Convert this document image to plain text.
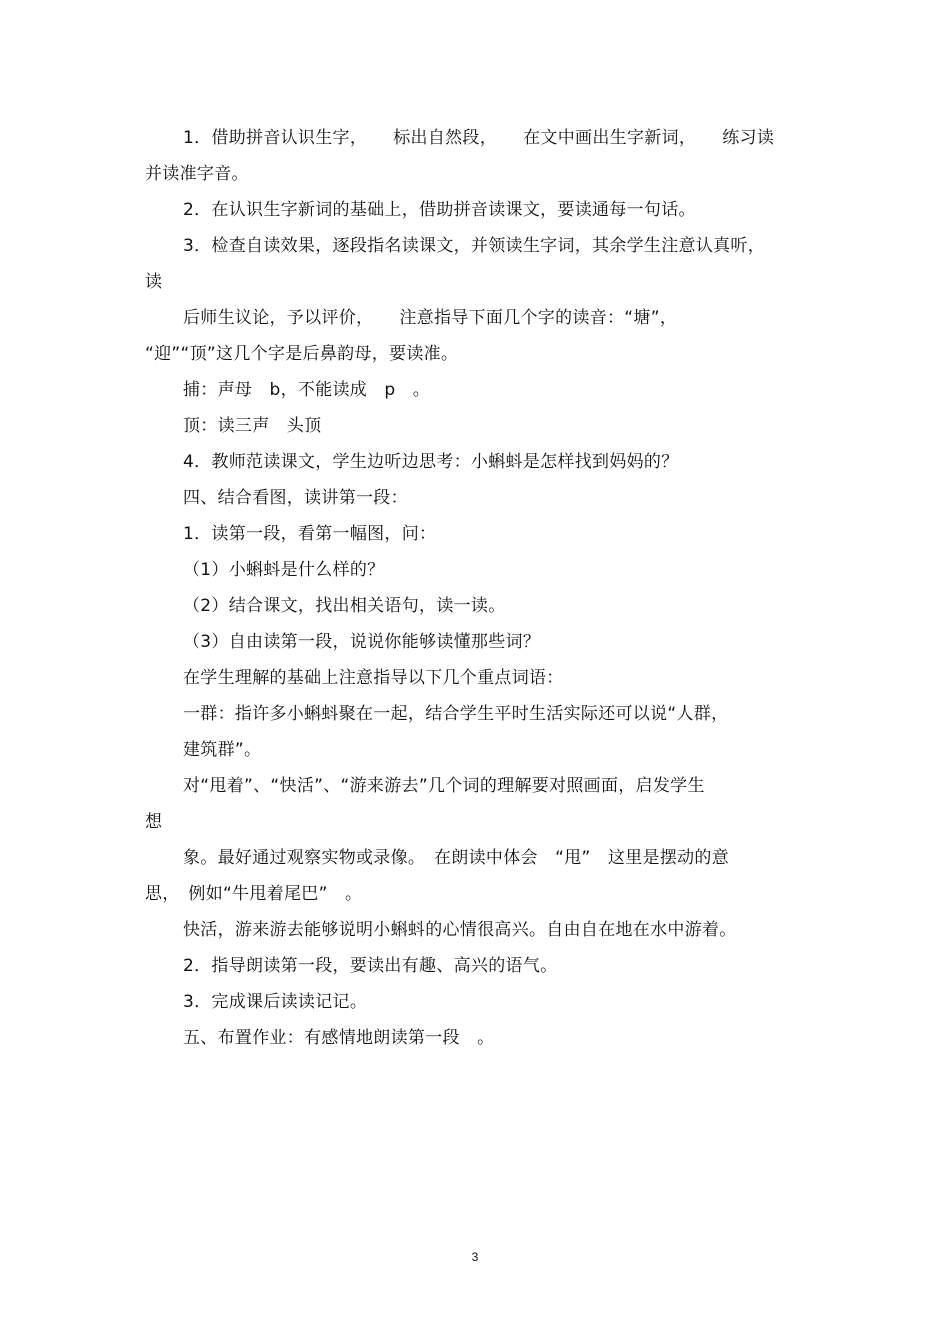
1．借助拼音认识生字，　　标出自然段，　　在文中画出生字新词，　　练习读
并读准字音。
2．在认识生字新词的基础上，借助拼音读课文，要读通每一句话。
3．检查自读效果，逐段指名读课文，并领读生字词，其余学生注意认真听，
读
后师生议论，予以评价，　　注意指导下面几个字的读音：“塘”，
“迎”“顶”这几个字是后鼻韵母，要读准。
捕：声母　b，不能读成　p　。
顶：读三声　头顶
4．教师范读课文，学生边听边思考：小蝌蚪是怎样找到妈妈的？
四、结合看图，读讲第一段：
1．读第一段，看第一幅图，问：
（1）小蝌蚪是什么样的？
（2）结合课文，找出相关语句，读一读。
（3）自由读第一段，说说你能够读懂那些词？
在学生理解的基础上注意指导以下几个重点词语：
一群：指许多小蝌蚪聚在一起，结合学生平时生活实际还可以说“人群，
建筑群”。
对“甩着”、“快活”、“游来游去”几个词的理解要对照画面，启发学生
想
象。最好通过观察实物或录像。　在朗读中体会　“甩”　这里是摆动的意
思，　例如“牛甩着尾巴”　。
快活，游来游去能够说明小蝌蚪的心情很高兴。自由自在地在水中游着。
2．指导朗读第一段，要读出有趣、高兴的语气。
3．完成课后读读记记。
五、布置作业：有感情地朗读第一段　。
3
